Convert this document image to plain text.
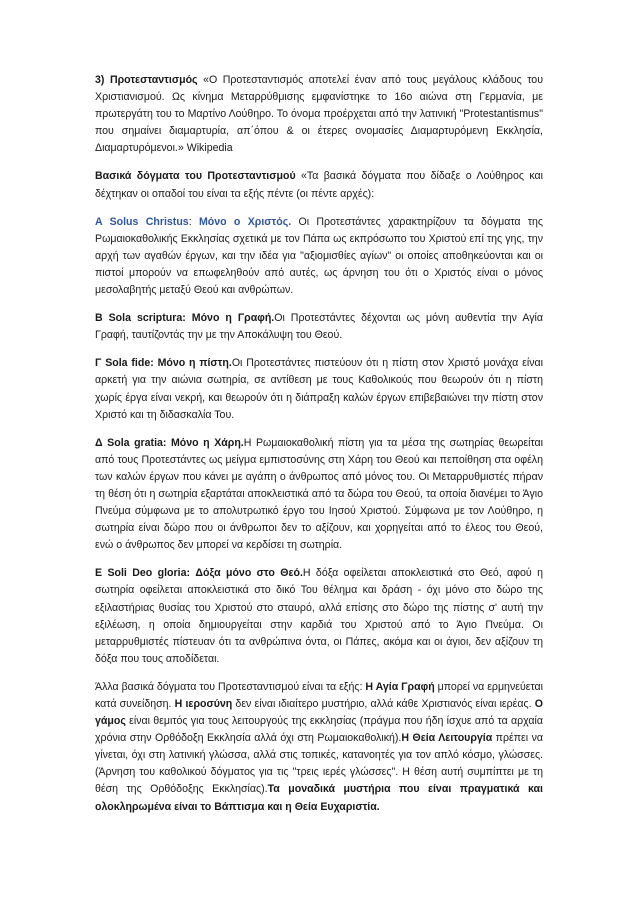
3) Προτεσταντισμός «Ο Προτεσταντισμός αποτελεί έναν από τους μεγάλους κλάδους του Χριστιανισμού. Ως κίνημα Μεταρρύθμισης εμφανίστηκε το 16ο αιώνα στη Γερμανία, με πρωτεργάτη του το Μαρτίνο Λούθηρο. Το όνομα προέρχεται από την λατινική "Protestantismus" που σημαίνει διαμαρτυρία, απ΄όπου & οι έτερες ονομασίες Διαμαρτυρόμενη Εκκλησία, Διαμαρτυρόμενοι.» Wikipedia

Βασικά δόγματα του Προτεσταντισμού «Τα βασικά δόγματα που δίδαξε ο Λούθηρος και δέχτηκαν οι οπαδοί του είναι τα εξής πέντε (οι πέντε αρχές):

A Solus Christus: Μόνο ο Χριστός. Οι Προτεστάντες χαρακτηρίζουν τα δόγματα της Ρωμαιοκαθολικής Εκκλησίας σχετικά με τον Πάπα ως εκπρόσωπο του Χριστού επί της γης, την αρχή των αγαθών έργων, και την ιδέα για "αξιομισθίες αγίων" οι οποίες αποθηκεύονται και οι πιστοί μπορούν να επωφεληθούν από αυτές, ως άρνηση του ότι ο Χριστός είναι ο μόνος μεσολαβητής μεταξύ Θεού και ανθρώπων.

B Sola scriptura: Μόνο η Γραφή.Οι Προτεστάντες δέχονται ως μόνη αυθεντία την Αγία Γραφή, ταυτίζοντάς την με την Αποκάλυψη του Θεού.

Γ Sola fide: Μόνο η πίστη.Οι Προτεστάντες πιστεύουν ότι η πίστη στον Χριστό μονάχα είναι αρκετή για την αιώνια σωτηρία, σε αντίθεση με τους Καθολικούς που θεωρούν ότι η πίστη χωρίς έργα είναι νεκρή, και θεωρούν ότι η διάπραξη καλών έργων επιβεβαιώνει την πίστη στον Χριστό και τη διδασκαλία Του.

Δ Sola gratia: Μόνο η Χάρη.Η Ρωμαιοκαθολική πίστη για τα μέσα της σωτηρίας θεωρείται από τους Προτεστάντες ως μείγμα εμπιστοσύνης στη Χάρη του Θεού και πεποίθηση στα οφέλη των καλών έργων που κάνει με αγάπη ο άνθρωπος από μόνος του. Οι Μεταρρυθμιστές πήραν τη θέση ότι η σωτηρία εξαρτάται αποκλειστικά από τα δώρα του Θεού, τα οποία διανέμει το Άγιο Πνεύμα σύμφωνα με το απολυτρωτικό έργο του Ιησού Χριστού. Σύμφωνα με τον Λούθηρο, η σωτηρία είναι δώρο που οι άνθρωποι δεν το αξίζουν, και χορηγείται από το έλεος του Θεού, ενώ ο άνθρωπος δεν μπορεί να κερδίσει τη σωτηρία.

E Soli Deo gloria: Δόξα μόνο στο Θεό.Η δόξα οφείλεται αποκλειστικά στο Θεό, αφού η σωτηρία οφείλεται αποκλειστικά στο δικό Του θέλημα και δράση - όχι μόνο στο δώρο της εξιλαστήριας θυσίας του Χριστού στο σταυρό, αλλά επίσης στο δώρο της πίστης σ' αυτή την εξιλέωση, η οποία δημιουργείται στην καρδιά του Χριστού από το Άγιο Πνεύμα. Οι μεταρρυθμιστές πίστευαν ότι τα ανθρώπινα όντα, οι Πάπες, ακόμα και οι άγιοι, δεν αξίζουν τη δόξα που τους αποδίδεται.

Άλλα βασικά δόγματα του Προτεσταντισμού είναι τα εξής: Η Αγία Γραφή μπορεί να ερμηνεύεται κατά συνείδηση. Η ιεροσύνη δεν είναι ιδιαίτερο μυστήριο, αλλά κάθε Χριστιανός είναι ιερέας. Ο γάμος είναι θεμιτός για τους λειτουργούς της εκκλησίας (πράγμα που ήδη ίσχυε από τα αρχαία χρόνια στην Ορθόδοξη Εκκλησία αλλά όχι στη Ρωμαιοκαθολική).Η Θεία Λειτουργία πρέπει να γίνεται, όχι στη λατινική γλώσσα, αλλά στις τοπικές, κατανοητές για τον απλό κόσμο, γλώσσες. (Άρνηση του καθολικού δόγματος για τις "τρεις ιερές γλώσσες". Η θέση αυτή συμπίπτει με τη θέση της Ορθόδοξης Εκκλησίας).Τα μοναδικά μυστήρια που είναι πραγματικά και ολοκληρωμένα είναι το Βάπτισμα και η Θεία Ευχαριστία.
